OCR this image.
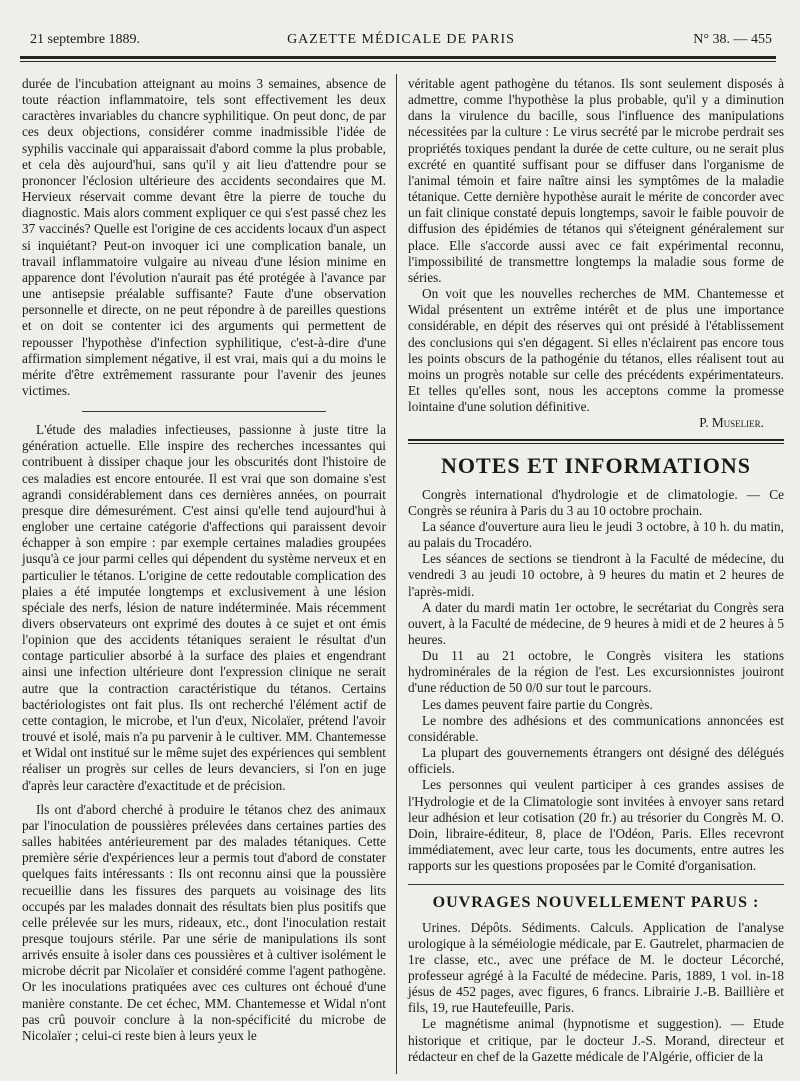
21 septembre 1889.	GAZETTE MÉDICALE DE PARIS	N° 38. — 455

durée de l'incubation atteignant au moins 3 semaines, absence de toute réaction inflammatoire, tels sont effectivement les deux caractères invariables du chancre syphilitique. On peut donc, de par ces deux objections, considérer comme inadmissible l'idée de syphilis vaccinale qui apparaissait d'abord comme la plus probable, et cela dès aujourd'hui, sans qu'il y ait lieu d'attendre pour se prononcer l'éclosion ultérieure des accidents secondaires que M. Hervieux réservait comme devant être la pierre de touche du diagnostic. Mais alors comment expliquer ce qui s'est passé chez les 37 vaccinés? Quelle est l'origine de ces accidents locaux d'un aspect si inquiétant? Peut-on invoquer ici une complication banale, un travail inflammatoire vulgaire au niveau d'une lésion minime en apparence dont l'évolution n'aurait pas été protégée à l'avance par une antisepsie préalable suffisante? Faute d'une observation personnelle et directe, on ne peut répondre à de pareilles questions et on doit se contenter ici des arguments qui permettent de repousser l'hypothèse d'infection syphilitique, c'est-à-dire d'une affirmation simplement négative, il est vrai, mais qui a du moins le mérite d'être extrêmement rassurante pour l'avenir des jeunes victimes.

L'étude des maladies infectieuses, passionne à juste titre la génération actuelle. Elle inspire des recherches incessantes qui contribuent à dissiper chaque jour les obscurités dont l'histoire de ces maladies est encore entourée. Il est vrai que son domaine s'est agrandi considérablement dans ces dernières années, on pourrait presque dire démesurément. C'est ainsi qu'elle tend aujourd'hui à englober une certaine catégorie d'affections qui paraissent devoir échapper à son empire : par exemple certaines maladies groupées jusqu'à ce jour parmi celles qui dépendent du système nerveux et en particulier le tétanos. L'origine de cette redoutable complication des plaies a été imputée longtemps et exclusivement à une lésion spéciale des nerfs, lésion de nature indéterminée. Mais récemment divers observateurs ont exprimé des doutes à ce sujet et ont émis l'opinion que des accidents tétaniques seraient le résultat d'un contage particulier absorbé à la surface des plaies et engendrant ainsi une infection ultérieure dont l'expression clinique ne serait autre que la contraction caractéristique du tétanos. Certains bactériologistes ont fait plus. Ils ont recherché l'élément actif de cette contagion, le microbe, et l'un d'eux, Nicolaïer, prétend l'avoir trouvé et isolé, mais n'a pu parvenir à le cultiver. MM. Chantemesse et Widal ont institué sur le même sujet des expériences qui semblent réaliser un progrès sur celles de leurs devanciers, si l'on en juge d'après leur caractère d'exactitude et de précision.

Ils ont d'abord cherché à produire le tétanos chez des animaux par l'inoculation de poussières prélevées dans certaines parties des salles habitées antérieurement par des malades tétaniques. Cette première série d'expériences leur a permis tout d'abord de constater quelques faits intéressants : Ils ont reconnu ainsi que la poussière recueillie dans les fissures des parquets au voisinage des lits occupés par les malades donnait des résultats bien plus positifs que celle prélevée sur les murs, rideaux, etc., dont l'inoculation restait presque toujours stérile. Par une série de manipulations ils sont arrivés ensuite à isoler dans ces poussières et à cultiver isolément le microbe décrit par Nicolaïer et considéré comme l'agent pathogène. Or les inoculations pratiquées avec ces cultures ont échoué d'une manière constante. De cet échec, MM. Chantemesse et Widal n'ont pas crû pouvoir conclure à la non-spécificité du microbe de Nicolaïer ; celui-ci reste bien à leurs yeux le

véritable agent pathogène du tétanos. Ils sont seulement disposés à admettre, comme l'hypothèse la plus probable, qu'il y a diminution dans la virulence du bacille, sous l'influence des manipulations nécessitées par la culture : Le virus secrété par le microbe perdrait ses propriétés toxiques pendant la durée de cette culture, ou ne serait plus excrété en quantité suffisant pour se diffuser dans l'organisme de l'animal témoin et faire naître ainsi les symptômes de la maladie tétanique. Cette dernière hypothèse aurait le mérite de concorder avec un fait clinique constaté depuis longtemps, savoir le faible pouvoir de diffusion des épidémies de tétanos qui s'éteignent généralement sur place. Elle s'accorde aussi avec ce fait expérimental reconnu, l'impossibilité de transmettre longtemps la maladie sous forme de séries.

On voit que les nouvelles recherches de MM. Chantemesse et Widal présentent un extrême intérêt et de plus une importance considérable, en dépit des réserves qui ont présidé à l'établissement des conclusions qui s'en dégagent. Si elles n'éclairent pas encore tous les points obscurs de la pathogénie du tétanos, elles réalisent tout au moins un progrès notable sur celle des précédents expérimentateurs. Et telles qu'elles sont, nous les acceptons comme la promesse lointaine d'une solution définitive.

P. Muselier.
NOTES ET INFORMATIONS

Congrès international d'hydrologie et de climatologie. — Ce Congrès se réunira à Paris du 3 au 10 octobre prochain.

La séance d'ouverture aura lieu le jeudi 3 octobre, à 10 h. du matin, au palais du Trocadéro.

Les séances de sections se tiendront à la Faculté de médecine, du vendredi 3 au jeudi 10 octobre, à 9 heures du matin et 2 heures de l'après-midi.

A dater du mardi matin 1er octobre, le secrétariat du Congrès sera ouvert, à la Faculté de médecine, de 9 heures à midi et de 2 heures à 5 heures.

Du 11 au 21 octobre, le Congrès visitera les stations hydrominérales de la région de l'est. Les excursionnistes jouiront d'une réduction de 50 0/0 sur tout le parcours.

Les dames peuvent faire partie du Congrès.

Le nombre des adhésions et des communications annoncées est considérable.

La plupart des gouvernements étrangers ont désigné des délégués officiels.

Les personnes qui veulent participer à ces grandes assises de l'Hydrologie et de la Climatologie sont invitées à envoyer sans retard leur adhésion et leur cotisation (20 fr.) au trésorier du Congrès M. O. Doin, libraire-éditeur, 8, place de l'Odéon, Paris. Elles recevront immédiatement, avec leur carte, tous les documents, entre autres les rapports sur les questions proposées par le Comité d'organisation.

OUVRAGES NOUVELLEMENT PARUS :

Urines. Dépôts. Sédiments. Calculs. Application de l'analyse urologique à la séméiologie médicale, par E. Gautrelet, pharmacien de 1re classe, etc., avec une préface de M. le docteur Lécorché, professeur agrégé à la Faculté de médecine. Paris, 1889, 1 vol. in-18 jésus de 452 pages, avec figures, 6 francs. Librairie J.-B. Baillière et fils, 19, rue Hautefeuille, Paris.

Le magnétisme animal (hypnotisme et suggestion). — Etude historique et critique, par le docteur J.-S. Morand, directeur et rédacteur en chef de la Gazette médicale de l'Algérie, officier de la
